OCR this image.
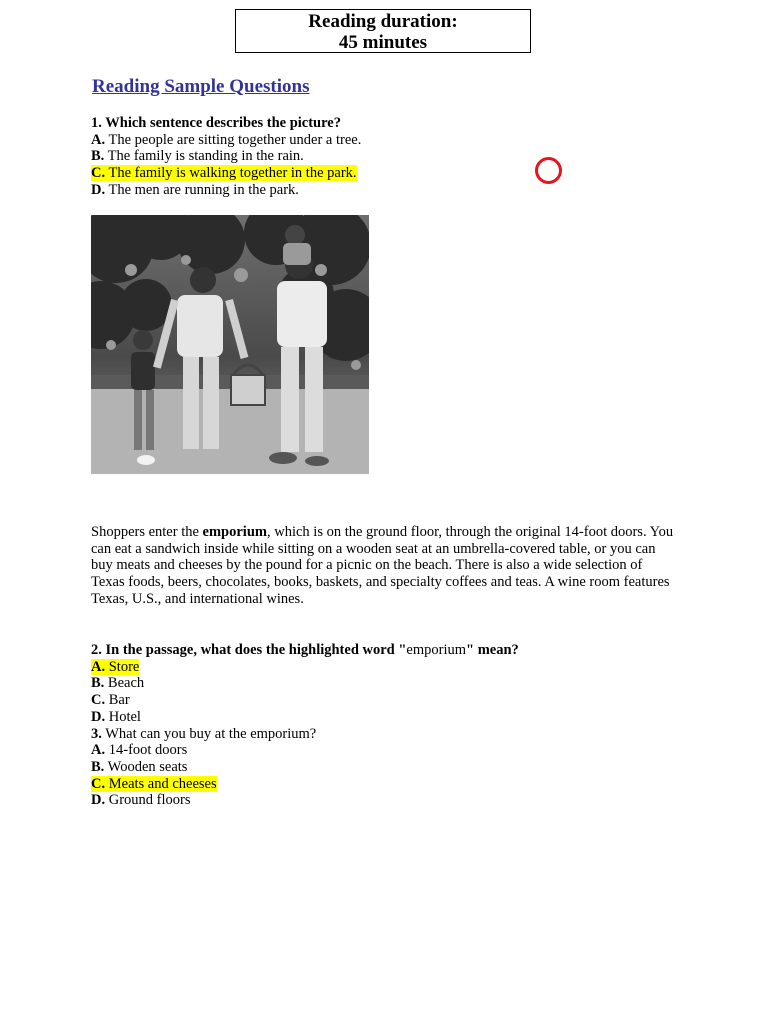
Reading duration:
45 minutes
Reading Sample Questions
1. Which sentence describes the picture?
A. The people are sitting together under a tree.
B. The family is standing in the rain.
C. The family is walking together in the park.
D. The men are running in the park.
Shoppers enter the emporium, which is on the ground floor, through the original 14-foot doors. You can eat a sandwich inside while sitting on a wooden seat at an umbrella-covered table, or you can buy meats and cheeses by the pound for a picnic on the beach. There is also a wide selection of Texas foods, beers, chocolates, books, baskets, and specialty coffees and teas. A wine room features Texas, U.S., and international wines.
2. In the passage, what does the highlighted word "emporium" mean?
A. Store
B. Beach
C. Bar
D. Hotel
3. What can you buy at the emporium?
A. 14-foot doors
B. Wooden seats
C. Meats and cheeses
D. Ground floors
